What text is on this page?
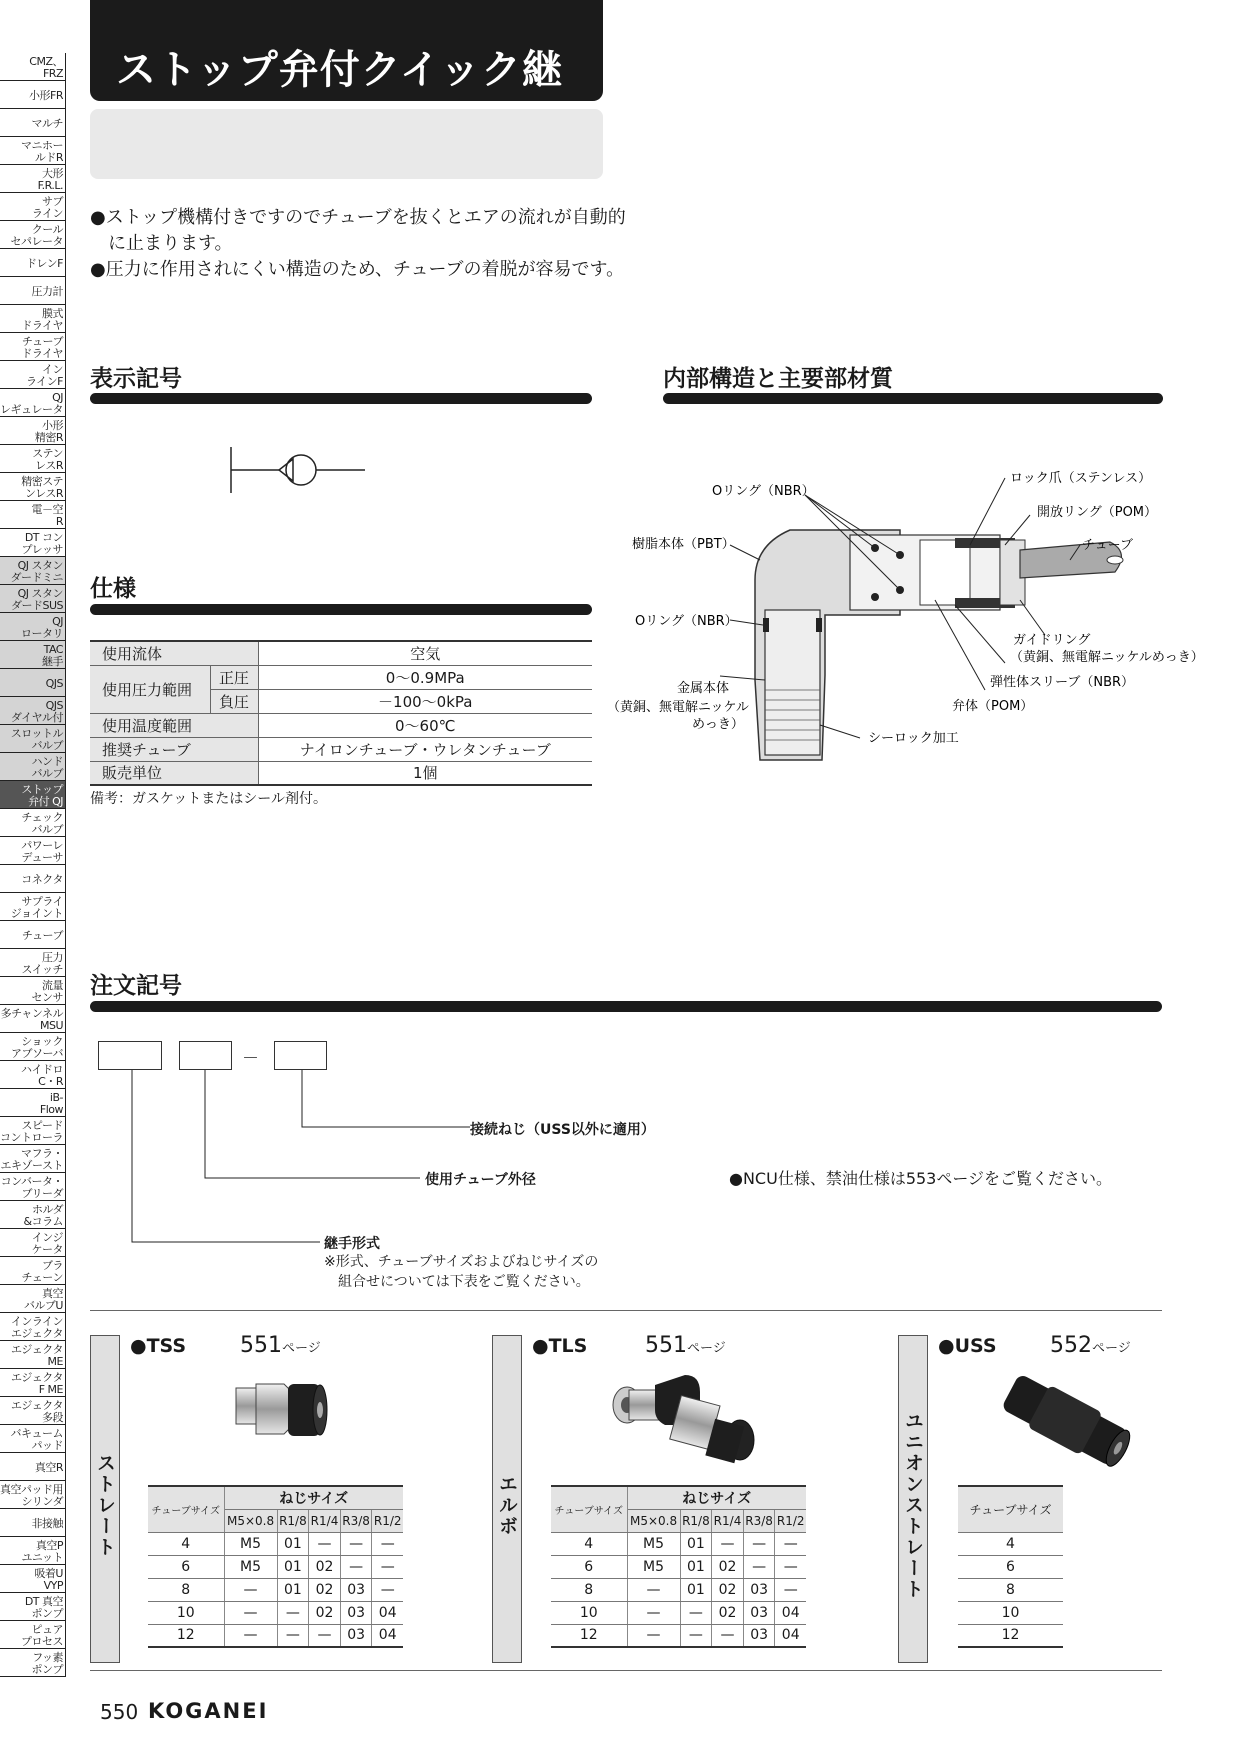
CMZ、
FRZ
小形FR
マルチ
マニホー
ルドR
大形
F.R.L.
サブ
ライン
クール
セパレータ
ドレンF
圧力計
膜式
ドライヤ
チューブ
ドライヤ
イン
ラインF
QJ
レギュレータ
小形
精密R
ステン
レスR
精密ステ
ンレスR
電－空
R
DT コン
プレッサ
QJ スタン
ダードミニ
QJ スタン
ダードSUS
QJ
ロータリ
TAC
継手
QJS
QJS
ダイヤル付
スロットル
バルブ
ハンド
バルブ
ストップ
弁付 QJ
チェック
バルブ
パワーレ
デューサ
コネクタ
サプライ
ジョイント
チューブ
圧力
スイッチ
流量
センサ
多チャンネル
MSU
ショック
アブソーバ
ハイドロ
C・R
iB-
Flow
スピード
コントローラ
マフラ・
エキゾースト
コンバータ・
ブリーダ
ホルダ
&コラム
インジ
ケータ
ブラ
チェーン
真空
バルブU
インライン
エジェクタ
エジェクタ
ME
エジェクタ
F ME
エジェクタ
多段
バキューム
パッド
真空R
真空パッド用
シリンダ
非接触
真空P
ユニット
吸着U
VYP
DT 真空
ポンプ
ピュア
プロセス
フッ素
ポンプ
ストップ弁付クイック継

●ストップ機構付きですのでチューブを抜くとエアの流れが自動的に止まります。

●圧力に作用されにくい構造のため、チューブの着脱が容易です。

表示記号	内部構造と主要部材質
Oリング（NBR）
ロック爪（ステンレス）
開放リング（POM）
樹脂本体（PBT）	チューブ
Oリング（NBR）
ガイドリング
（黄銅、無電解ニッケルめっき）
弾性体スリーブ（NBR）
金属本体
（黄銅、無電解ニッケル
めっき）
弁体（POM）
シーロック加工
仕様
使用流体		空気
使用圧力範囲	正圧	0～0.9MPa
	負圧	－100～0kPa
使用温度範囲		0～60℃
推奨チューブ		ナイロンチューブ・ウレタンチューブ
販売単位		1個
備考：ガスケットまたはシール剤付。
注文記号
－
接続ねじ（USS以外に適用）
使用チューブ外径
継手形式
※形式、チューブサイズおよびねじサイズの
組合せについては下表をご覧ください。
●NCU仕様、禁油仕様は553ページをご覧ください。
ストレート
●TSS 551ページ
チューブサイズ	ねじサイズ				
	M5×0.8	R1/8	R1/4	R3/8	R1/2
4	M5	01	—	—	—
6	M5	01	02	—	—
8	—	01	02	03	—
10	—	—	02	03	04
12	—	—	—	03	04
エルボ
●TLS	551ページ
チューブサイズ	ねじサイズ				
	M5×0.8	R1/8	R1/4	R3/8	R1/2
4	M5	01	—	—	—
6	M5	01	02	—	—
8	—	01	02	03	—
10	—	—	02	03	04
12	—	—	—	03	04
ユニオンストレート
●USS 552ページ
チューブサイズ
4
6
8
10
12
550 KOGANEI
